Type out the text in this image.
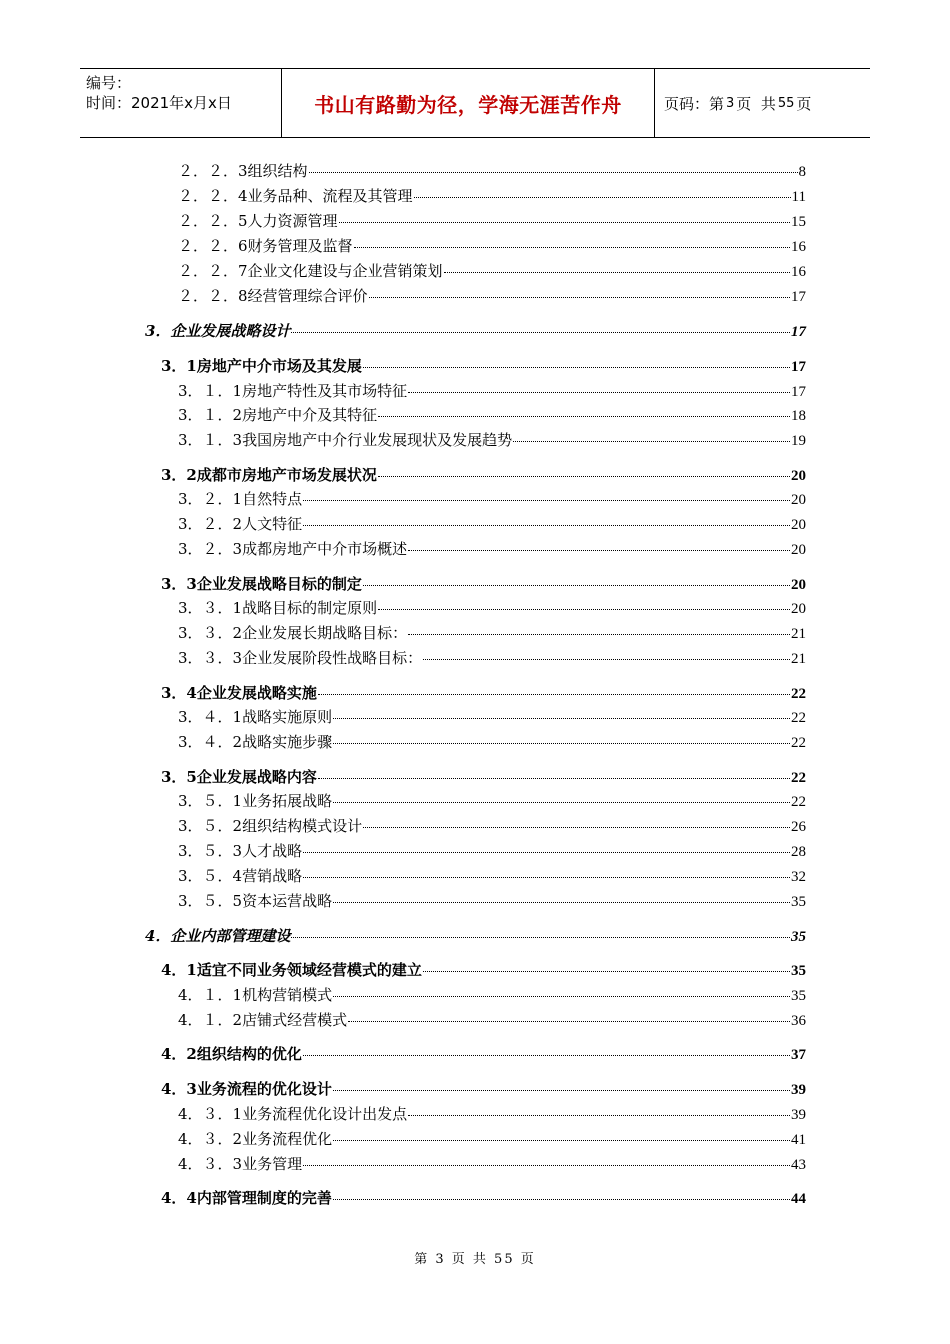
编号：
时间：2021年x月x日	书山有路勤为径，学海无涯苦作舟	页码：第 3 页  共 55 页
２．２．3组织结构	8
２．２．4业务品种、流程及其管理	11
２．２．5人力资源管理	15
２．２．6财务管理及监督	16
２．２．7企业文化建设与企业营销策划	16
２．２．8经营管理综合评价	17
3．企业发展战略设计	17
3．1房地产中介市场及其发展	17
3．１．1房地产特性及其市场特征	17
3．１．2房地产中介及其特征	18
3．１．3我国房地产中介行业发展现状及发展趋势	19
3．2成都市房地产市场发展状况	20
3．２．1自然特点	20
3．２．2人文特征	20
3．２．3成都房地产中介市场概述	20
3．3企业发展战略目标的制定	20
3．３．1战略目标的制定原则	20
3．３．2企业发展长期战略目标：	21
3．３．3企业发展阶段性战略目标：	21
3．4企业发展战略实施	22
3．４．1战略实施原则	22
3．４．2战略实施步骤	22
3．5企业发展战略内容	22
3．５．1业务拓展战略	22
3．５．2组织结构模式设计	26
3．５．3人才战略	28
3．５．4营销战略	32
3．５．5资本运营战略	35
4．企业内部管理建设	35
4．1适宜不同业务领域经营模式的建立	35
4．１．1机构营销模式	35
4．１．2店铺式经营模式	36
4．2组织结构的优化	37
4．3业务流程的优化设计	39
4．３．1业务流程优化设计出发点	39
4．３．2业务流程优化	41
4．３．3业务管理	43
4．4内部管理制度的完善	44
第 3 页 共 55 页
